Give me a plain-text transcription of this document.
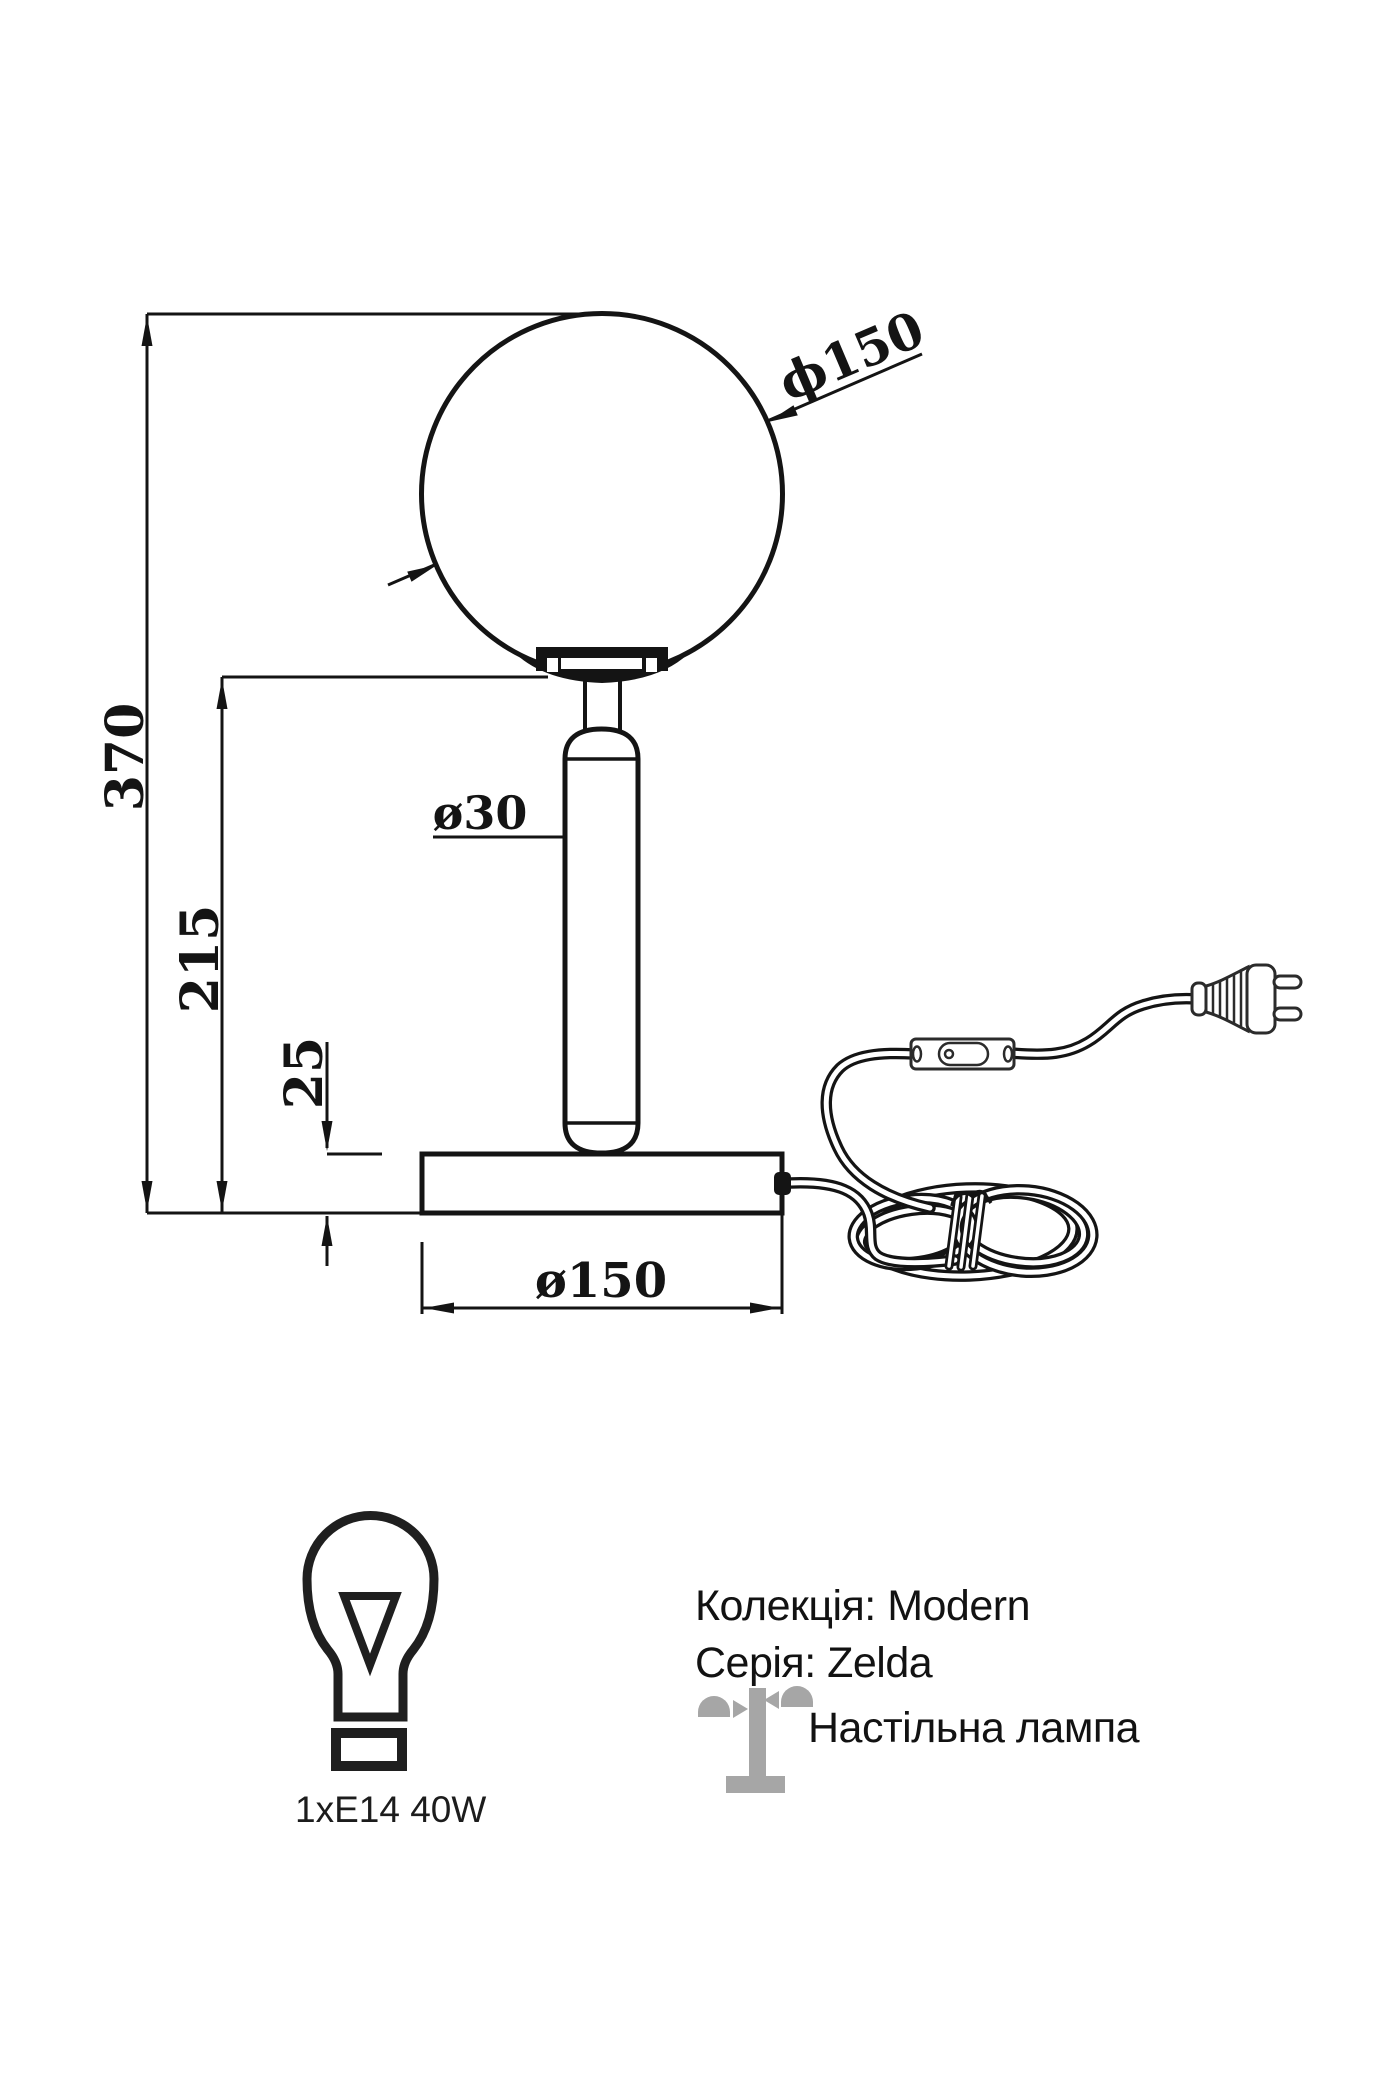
370
215
25
ϕ150
ø30
ø150
1xE14 40W
Колекція: Modern
Серія: Zelda
Настільна лампа
